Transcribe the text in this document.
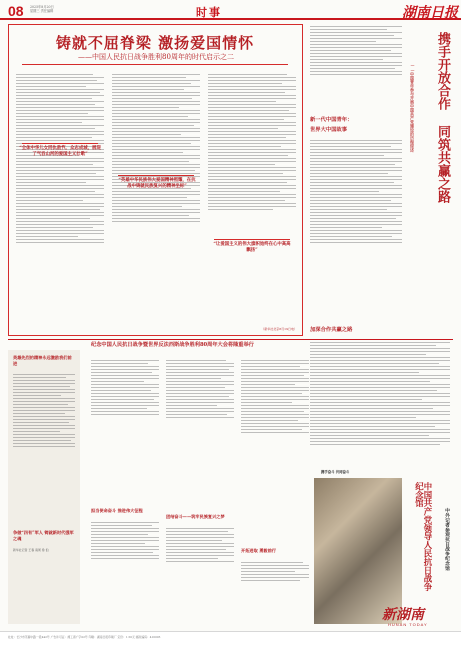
08 2025年8月20日 星期三 责任编辑	时事	湖南日报
铸就不屈脊梁 激扬爱国情怀
——中国人民抗日战争胜利80周年的时代启示之二
“全体中华儿女同仇敌忾、众志成城，展现了气吞山河的爱国主义壮歌”
“英雄中华民族伟大爱国精神照耀，在抗战中铸就民族复兴的精神坐标”
“让爱国主义的伟大旗帜始终在心中高高飘扬”
（新华社北京8月19日电）
携手开放合作 同筑共赢之路
——中国青年参与开展中国共产党建设的历程综述
新一代中国青年：
世界大中国故事
加深合作共赢之路
英雄先烈的精神永远激励我们前进
争做“四有”军人 铸就新时代强军之魂
新华社记者 王春 南周 徐 伯
纪念中国人民抗日战争暨世界反法西斯战争胜利80周年大会将隆重举行
担当使命奋斗 推进伟大征程
团结奋斗——筑牢民族复兴之梦
开拓进取 勇毅前行
携手奋斗 共同奋斗
中国共产党领导人民抗日战争纪念馆
中外记者参观抗日战争纪念馆
新湖南
HUNAN TODAY
社址：长沙市芙蓉中路一段442号 广告许可证：湘工商广字02号 印刷：湖南日报印刷厂 定价：1.50元 邮政编码：410005
